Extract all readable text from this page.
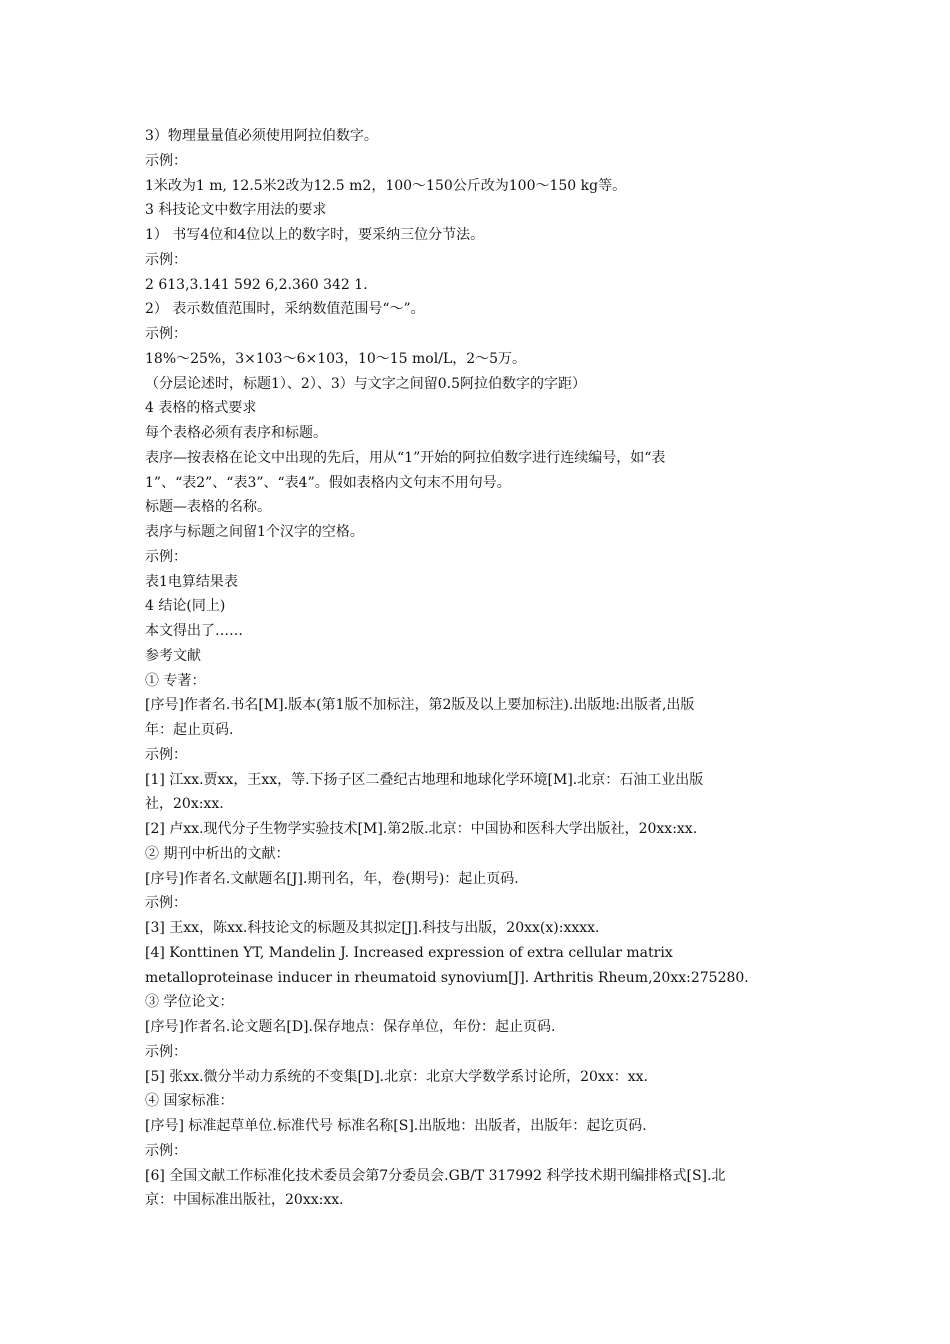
3）物理量量值必须使用阿拉伯数字。
示例：
1米改为1 m, 12.5米2改为12.5 m2，100～150公斤改为100～150 kg等。
3 科技论文中数字用法的要求
1） 书写4位和4位以上的数字时，要采纳三位分节法。
示例：
2 613,3.141 592 6,2.360 342 1.
2） 表示数值范围时，采纳数值范围号“～”。
示例：
18%～25%，3×103～6×103，10～15 mol/L，2～5万。
（分层论述时，标题1）、2）、3）与文字之间留0.5阿拉伯数字的字距）
4 表格的格式要求
每个表格必须有表序和标题。
表序—按表格在论文中出现的先后，用从“1”开始的阿拉伯数字进行连续编号，如“表
1”、“表2”、“表3”、“表4”。假如表格内文句末不用句号。
标题—表格的名称。
表序与标题之间留1个汉字的空格。
示例：
表1电算结果表
4 结论(同上)
本文得出了……
参考文献
① 专著：
[序号]作者名.书名[M].版本(第1版不加标注，第2版及以上要加标注).出版地:出版者,出版
年：起止页码.
示例：
[1] 江xx.贾xx，王xx，等.下扬子区二叠纪古地理和地球化学环境[M].北京：石油工业出版
社，20x:xx.
[2] 卢xx.现代分子生物学实验技术[M].第2版.北京：中国协和医科大学出版社，20xx:xx.
② 期刊中析出的文献：
[序号]作者名.文献题名[J].期刊名，年，卷(期号)：起止页码.
示例：
[3] 王xx，陈xx.科技论文的标题及其拟定[J].科技与出版，20xx(x):xxxx.
[4] Konttinen YT, Mandelin J. Increased expression of extra cellular matrix
metalloproteinase inducer in rheumatoid synovium[J]. Arthritis Rheum,20xx:275280.
③ 学位论文：
[序号]作者名.论文题名[D].保存地点：保存单位，年份：起止页码.
示例：
[5] 张xx.微分半动力系统的不变集[D].北京：北京大学数学系讨论所，20xx：xx.
④ 国家标准：
[序号] 标准起草单位.标准代号 标准名称[S].出版地：出版者，出版年：起讫页码.
示例：
[6] 全国文献工作标准化技术委员会第7分委员会.GB/T 317992 科学技术期刊编排格式[S].北
京：中国标准出版社，20xx:xx.
